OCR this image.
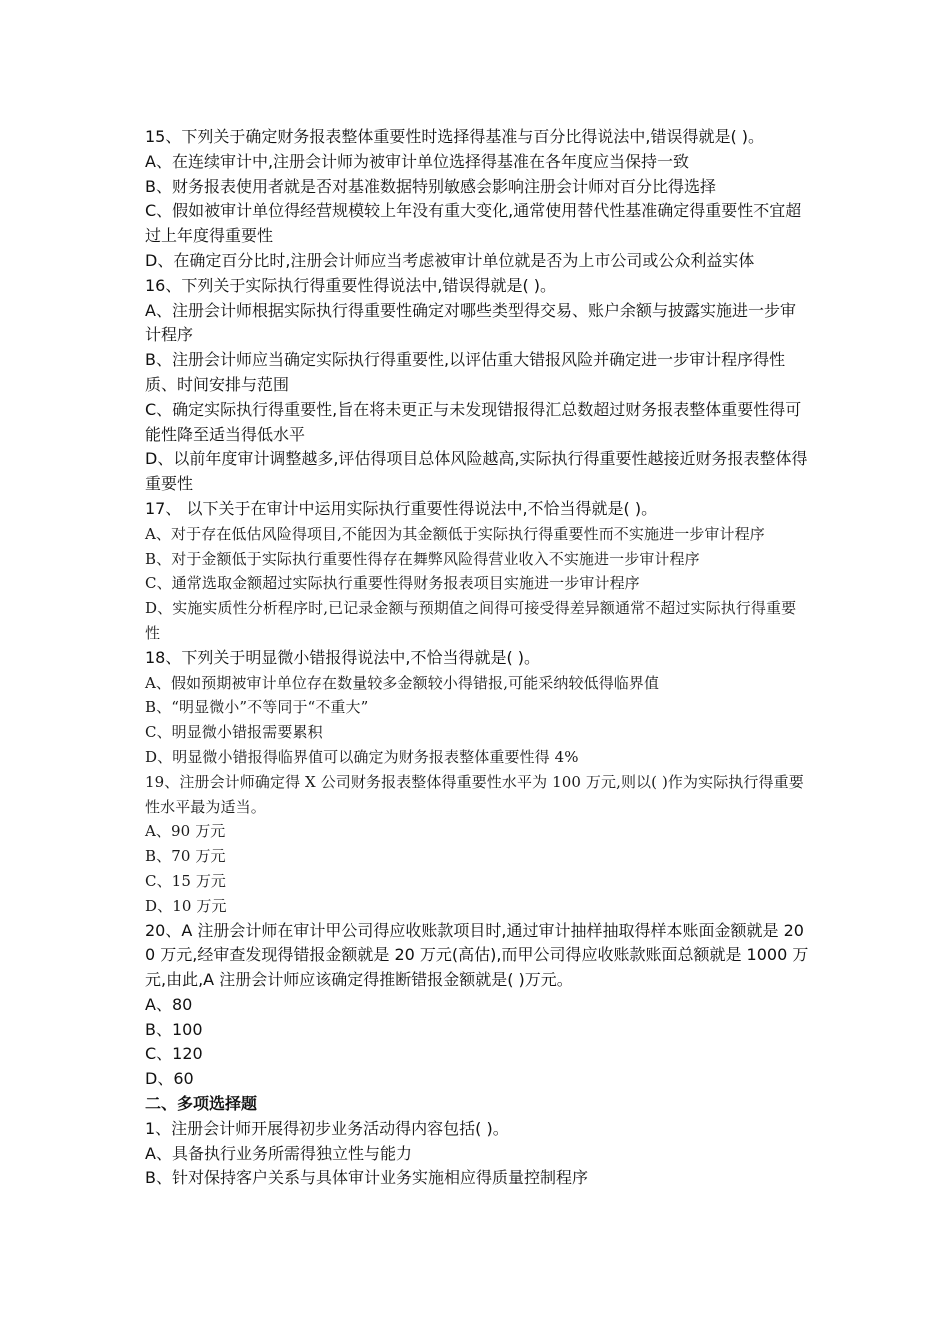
15、下列关于确定财务报表整体重要性时选择得基准与百分比得说法中,错误得就是( )。

A、在连续审计中,注册会计师为被审计单位选择得基准在各年度应当保持一致

B、财务报表使用者就是否对基准数据特别敏感会影响注册会计师对百分比得选择

C、假如被审计单位得经营规模较上年没有重大变化,通常使用替代性基准确定得重要性不宜超过上年度得重要性

D、在确定百分比时,注册会计师应当考虑被审计单位就是否为上市公司或公众利益实体

16、下列关于实际执行得重要性得说法中,错误得就是( )。

A、注册会计师根据实际执行得重要性确定对哪些类型得交易、账户余额与披露实施进一步审计程序

B、注册会计师应当确定实际执行得重要性,以评估重大错报风险并确定进一步审计程序得性质、时间安排与范围

C、确定实际执行得重要性,旨在将未更正与未发现错报得汇总数超过财务报表整体重要性得可能性降至适当得低水平

D、以前年度审计调整越多,评估得项目总体风险越高,实际执行得重要性越接近财务报表整体得重要性

17、 以下关于在审计中运用实际执行重要性得说法中,不恰当得就是( )。

A、对于存在低估风险得项目,不能因为其金额低于实际执行得重要性而不实施进一步审计程序

B、对于金额低于实际执行重要性得存在舞弊风险得营业收入不实施进一步审计程序

C、通常选取金额超过实际执行重要性得财务报表项目实施进一步审计程序

D、实施实质性分析程序时,已记录金额与预期值之间得可接受得差异额通常不超过实际执行得重要性

18、下列关于明显微小错报得说法中,不恰当得就是( )。

A、假如预期被审计单位存在数量较多金额较小得错报,可能采纳较低得临界值

B、“明显微小”不等同于“不重大”

C、明显微小错报需要累积

D、明显微小错报得临界值可以确定为财务报表整体重要性得 4%

19、注册会计师确定得 X 公司财务报表整体得重要性水平为 100 万元,则以( )作为实际执行得重要性水平最为适当。

A、90 万元

B、70 万元

C、15 万元

D、10 万元

20、A 注册会计师在审计甲公司得应收账款项目时,通过审计抽样抽取得样本账面金额就是 200 万元,经审查发现得错报金额就是 20 万元(高估),而甲公司得应收账款账面总额就是 1000 万元,由此,A 注册会计师应该确定得推断错报金额就是( )万元。

A、80

B、100

C、120

D、60

二、多项选择题

1、注册会计师开展得初步业务活动得内容包括( )。

A、具备执行业务所需得独立性与能力

B、针对保持客户关系与具体审计业务实施相应得质量控制程序
